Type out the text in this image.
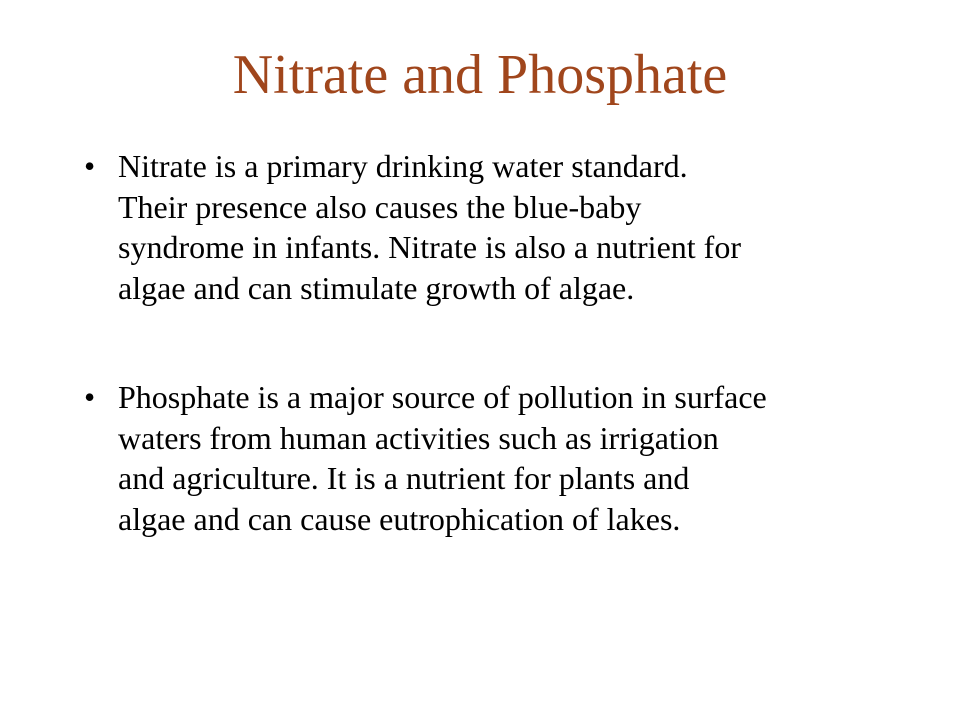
Nitrate and Phosphate
• Nitrate is a primary drinking water standard.
Their presence also causes the blue-baby
syndrome in infants. Nitrate is also a nutrient for
algae and can stimulate growth of algae.
• Phosphate is a major source of pollution in surface
waters from human activities such as irrigation
and agriculture. It is a nutrient for plants and
algae and can cause eutrophication of lakes.
